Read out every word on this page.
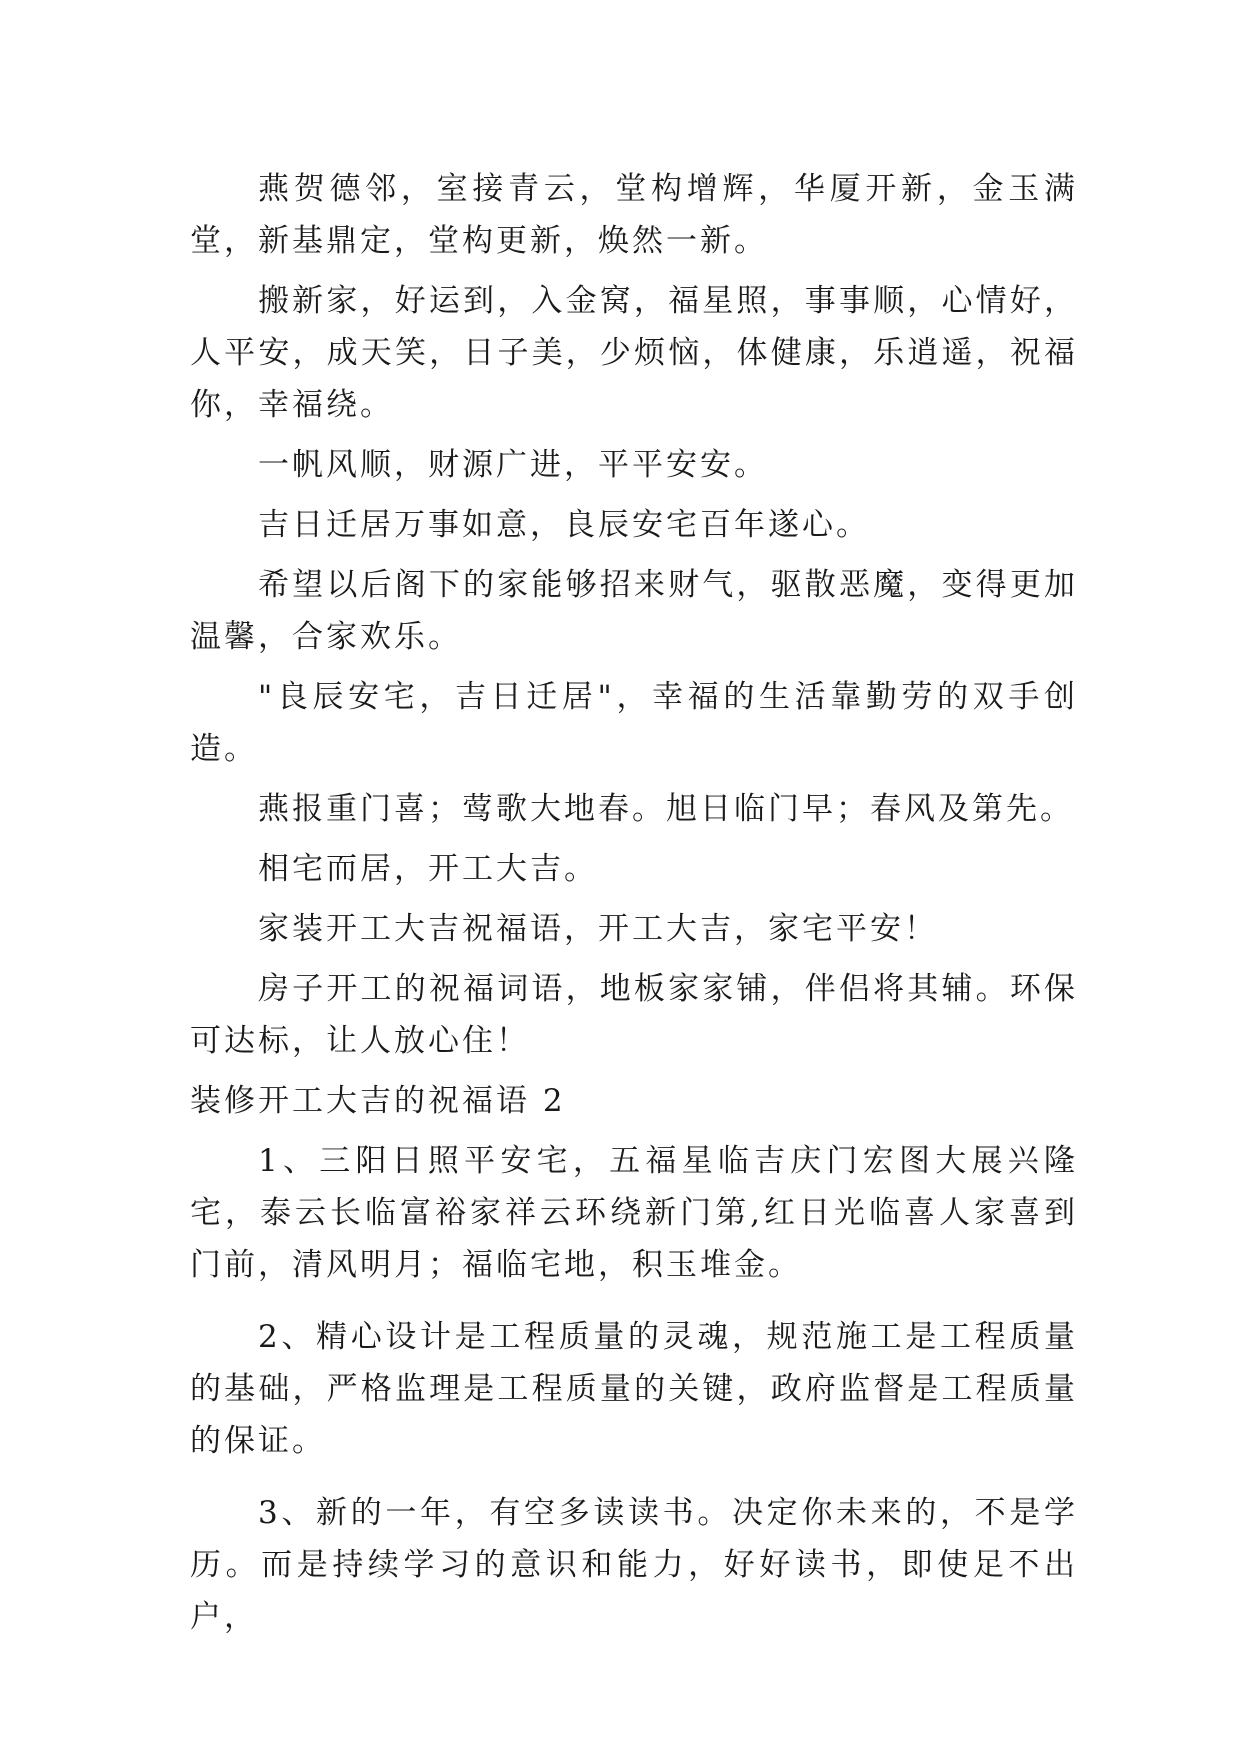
燕贺德邻，室接青云，堂构增辉，华厦开新，金玉满堂，新基鼎定，堂构更新，焕然一新。

搬新家，好运到，入金窝，福星照，事事顺，心情好，人平安，成天笑，日子美，少烦恼，体健康，乐逍遥，祝福你，幸福绕。

一帆风顺，财源广进，平平安安。

吉日迁居万事如意，良辰安宅百年遂心。

希望以后阁下的家能够招来财气，驱散恶魔，变得更加温馨，合家欢乐。

"良辰安宅，吉日迁居"，幸福的生活靠勤劳的双手创造。

燕报重门喜；莺歌大地春。旭日临门早；春风及第先。

相宅而居，开工大吉。

家装开工大吉祝福语，开工大吉，家宅平安！

房子开工的祝福词语，地板家家铺，伴侣将其辅。环保可达标，让人放心住！

装修开工大吉的祝福语 2

1、三阳日照平安宅，五福星临吉庆门宏图大展兴隆宅，泰云长临富裕家祥云环绕新门第,红日光临喜人家喜到门前，清风明月；福临宅地，积玉堆金。

2、精心设计是工程质量的灵魂，规范施工是工程质量的基础，严格监理是工程质量的关键，政府监督是工程质量的保证。

3、新的一年，有空多读读书。决定你未来的，不是学历。而是持续学习的意识和能力，好好读书，即使足不出户，
